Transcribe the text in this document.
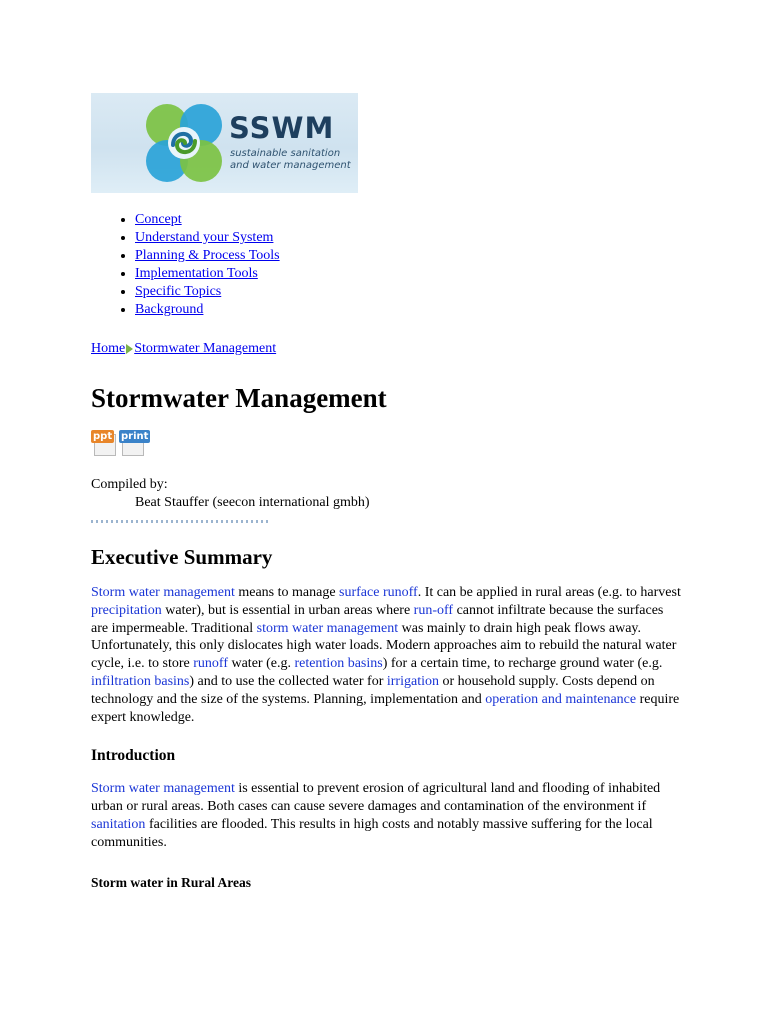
SSWM
sustainable sanitation
and water management
• Concept
• Understand your System
• Planning & Process Tools
• Implementation Tools
• Specific Topics
• Background
Home Stormwater Management
Stormwater Management
ppt print
Compiled by:
Beat Stauffer (seecon international gmbh)
Executive Summary

Storm water management means to manage surface runoff. It can be applied in rural areas (e.g. to harvest precipitation water), but is essential in urban areas where run-off cannot infiltrate because the surfaces are impermeable. Traditional storm water management was mainly to drain high peak flows away. Unfortunately, this only dislocates high water loads. Modern approaches aim to rebuild the natural water cycle, i.e. to store runoff water (e.g. retention basins) for a certain time, to recharge ground water (e.g. infiltration basins) and to use the collected water for irrigation or household supply. Costs depend on technology and the size of the systems. Planning, implementation and operation and maintenance require expert knowledge.

Introduction

Storm water management is essential to prevent erosion of agricultural land and flooding of inhabited urban or rural areas. Both cases can cause severe damages and contamination of the environment if sanitation facilities are flooded. This results in high costs and notably massive suffering for the local communities.

Storm water in Rural Areas
